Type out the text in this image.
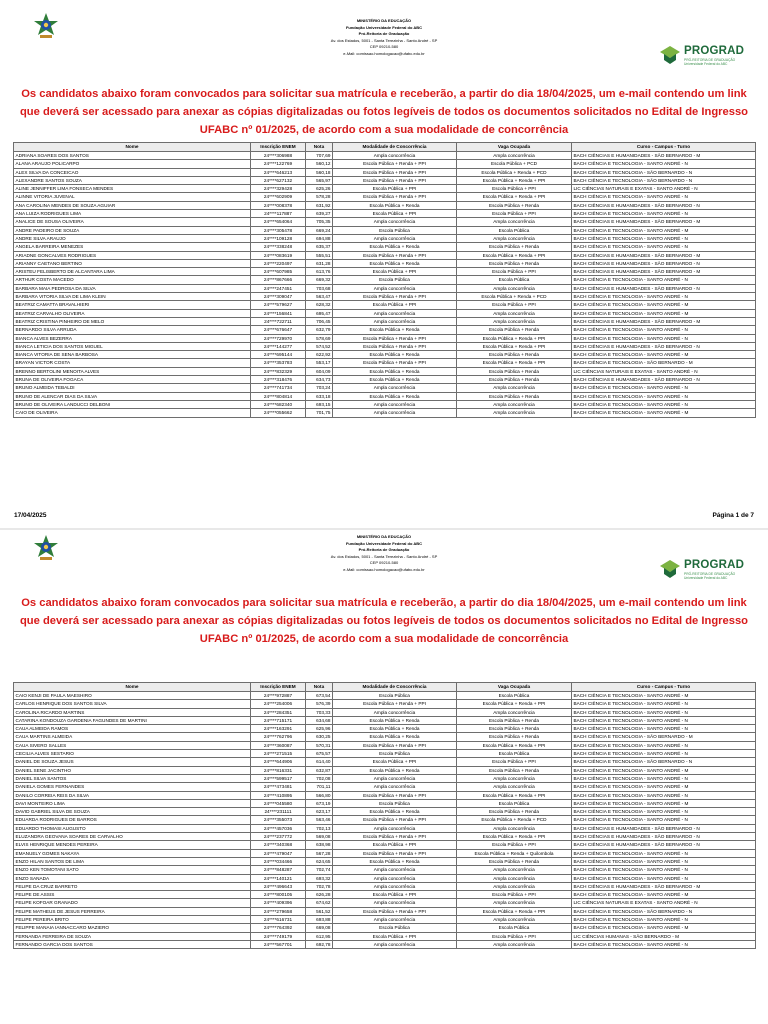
MINISTÉRIO DA EDUCAÇÃO
Fundação Universidade Federal do ABC
Pró-Reitoria de Graduação
Av. dos Estados, 5001 - Santa Terezinha - Santo André - SP
CEP 09210-580
e-Mail: comissao.homologacao@ufabc.edu.br	PROGRAD
PRÓ-REITORIA DE GRADUAÇÃO
Universidade Federal do ABC
Os candidatos abaixo foram convocados para solicitar sua matrícula e receberão, a partir do dia 18/04/2025, um e-mail contendo um link que deverá ser acessado para anexar as cópias digitalizadas ou fotos legíveis de todos os documentos solicitados no Edital de Ingresso UFABC nº 01/2025, de acordo com a sua modalidade de concorrência
Nome	Inscrição ENEM	Nota	Modalidade de Concorrência	Vaga Ocupada	Curso - Campus - Turno
ADRIANA SOARES DOS SANTOS	24****306988	707,69	Ampla concorrência	Ampla concorrência	BACH CIÊNCIAS E HUMANIDADES - SÃO BERNARDO - M
ALANA ARAUJO POLICARPO	24****122769	560,12	Escola Pública + Renda + PPI	Escola Pública + PCD	BACH CIÊNCIA E TECNOLOGIA - SANTO ANDRÉ - N
ALEX SILVA DA CONCEICAO	24****646213	560,18	Escola Pública + Renda + PPI	Escola Pública + Renda + PCD	BACH CIÊNCIA E TECNOLOGIA - SÃO BERNARDO - N
ALEXANDRE SANTOS SOUZA	24****627132	565,97	Escola Pública + Renda + PPI	Escola Pública + Renda + PPI	BACH CIÊNCIA E TECNOLOGIA - SÃO BERNARDO - N
ALINE JENNIFFER LIMA FONSECA MENDES	24****329428	625,26	Escola Pública + PPI	Escola Pública + PPI	LIC CIÊNCIAS NATURAIS E EXATAS - SANTO ANDRÉ - N
ALINNE VITORIA JUVENAL	24****602909	578,28	Escola Pública + Renda + PPI	Escola Pública + Renda + PPI	BACH CIÊNCIA E TECNOLOGIA - SANTO ANDRÉ - N
ANA CAROLINA MENDES DE SOUZA AGUIAR	24****008378	631,92	Escola Pública + Renda	Escola Pública + Renda	BACH CIÊNCIAS E HUMANIDADES - SÃO BERNARDO - N
ANA LUIZA RODRIGUES LIMA	24****117887	639,27	Escola Pública + PPI	Escola Pública + PPI	BACH CIÊNCIA E TECNOLOGIA - SANTO ANDRÉ - N
ANALICE DE SOUSA OLIVEIRA	24****654064	705,35	Ampla concorrência	Ampla concorrência	BACH CIÊNCIAS E HUMANIDADES - SÃO BERNARDO - M
ANDRE PADEIRO DE SOUZA	24****305478	669,24	Escola Pública	Escola Pública	BACH CIÊNCIA E TECNOLOGIA - SANTO ANDRÉ - M
ANDRE SILVA ARAUJO	24****109128	694,88	Ampla concorrência	Ampla concorrência	BACH CIÊNCIA E TECNOLOGIA - SANTO ANDRÉ - N
ANGELA BARREIRA MENEZES	24****338248	635,37	Escola Pública + Renda	Escola Pública + Renda	BACH CIÊNCIA E TECNOLOGIA - SANTO ANDRÉ - N
ARIADNE GONCALVES RODRIGUES	24****083619	555,51	Escola Pública + Renda + PPI	Escola Pública + Renda + PPI	BACH CIÊNCIAS E HUMANIDADES - SÃO BERNARDO - M
ARIANNY CAETANO BERTINO	24****220497	631,28	Escola Pública + Renda	Escola Pública + Renda	BACH CIÊNCIAS E HUMANIDADES - SÃO BERNARDO - N
ARISTEU FELISBERTO DE ALCANTARA LIMA	24****607985	613,76	Escola Pública + PPI	Escola Pública + PPI	BACH CIÊNCIAS E HUMANIDADES - SÃO BERNARDO - M
ARTHUR COSTA MACEDO	24****867666	669,32	Escola Pública	Escola Pública	BACH CIÊNCIA E TECNOLOGIA - SANTO ANDRÉ - N
BARBARA MAIA PEDROSA DA SILVA	24****247451	703,68	Ampla concorrência	Ampla concorrência	BACH CIÊNCIAS E HUMANIDADES - SÃO BERNARDO - N
BARBARA VITORIA SILVA DE LIMA KLEIN	24****309047	563,47	Escola Pública + Renda + PPI	Escola Pública + Renda + PCD	BACH CIÊNCIA E TECNOLOGIA - SANTO ANDRÉ - N
BEATRIZ CAMATTA BRAVALHIERI	24****579627	628,32	Escola Pública + PPI	Escola Pública + PPI	BACH CIÊNCIA E TECNOLOGIA - SANTO ANDRÉ - M
BEATRIZ CARVALHO OLIVEIRA	24****156841	695,47	Ampla concorrência	Ampla concorrência	BACH CIÊNCIA E TECNOLOGIA - SANTO ANDRÉ - M
BEATRIZ CRISTINA PINHEIRO DE MELO	24****722711	706,45	Ampla concorrência	Ampla concorrência	BACH CIÊNCIAS E HUMANIDADES - SÃO BERNARDO - M
BERNARDO SILVA ARRUDA	24****676647	632,79	Escola Pública + Renda	Escola Pública + Renda	BACH CIÊNCIA E TECNOLOGIA - SANTO ANDRÉ - N
BIANCA ALVES BEZERRA	24****729970	578,69	Escola Pública + Renda + PPI	Escola Pública + Renda + PPI	BACH CIÊNCIA E TECNOLOGIA - SANTO ANDRÉ - N
BIANCA LETICIA DOS SANTOS MIGUEL	24****144277	574,52	Escola Pública + Renda + PPI	Escola Pública + Renda + PPI	BACH CIÊNCIAS E HUMANIDADES - SÃO BERNARDO - N
BIANCA VITORIA DE SENA BARBOSA	24****695144	622,92	Escola Pública + Renda	Escola Pública + Renda	BACH CIÊNCIA E TECNOLOGIA - SANTO ANDRÉ - M
BRAYAN VICTOR COSTA	24****353783	553,17	Escola Pública + Renda + PPI	Escola Pública + Renda + PPI	BACH CIÊNCIA E TECNOLOGIA - SÃO BERNARDO - M
BRENNO BERTOLINI MENOITA ALVES	24****832329	604,09	Escola Pública + Renda	Escola Pública + Renda	LIC CIÊNCIAS NATURAIS E EXATAS - SANTO ANDRÉ - N
BRUNA DE OLIVEIRA FOGACA	24****318476	634,73	Escola Pública + Renda	Escola Pública + Renda	BACH CIÊNCIAS E HUMANIDADES - SÃO BERNARDO - N
BRUNO ALMEIDA TEBALDI	24****741734	703,24	Ampla concorrência	Ampla concorrência	BACH CIÊNCIA E TECNOLOGIA - SANTO ANDRÉ - N
BRUNO DE ALENCAR DIAS DA SILVA	24****804814	633,18	Escola Pública + Renda	Escola Pública + Renda	BACH CIÊNCIA E TECNOLOGIA - SANTO ANDRÉ - N
BRUNO DE OLIVEIRA LANDUCCI DELBONI	24****682340	693,15	Ampla concorrência	Ampla concorrência	BACH CIÊNCIA E TECNOLOGIA - SANTO ANDRÉ - N
CAIO DE OLIVEIRA	24****055662	701,75	Ampla concorrência	Ampla concorrência	BACH CIÊNCIA E TECNOLOGIA - SANTO ANDRÉ - M
17/04/2025	Página 1 de 7
MINISTÉRIO DA EDUCAÇÃO
Fundação Universidade Federal do ABC
Pró-Reitoria de Graduação
Av. dos Estados, 5001 - Santa Terezinha - Santo André - SP
CEP 09210-580
e-Mail: comissao.homologacao@ufabc.edu.br	PROGRAD
PRÓ-REITORIA DE GRADUAÇÃO
Universidade Federal do ABC
Os candidatos abaixo foram convocados para solicitar sua matrícula e receberão, a partir do dia 18/04/2025, um e-mail contendo um link que deverá ser acessado para anexar as cópias digitalizadas ou fotos legíveis de todos os documentos solicitados no Edital de Ingresso UFABC nº 01/2025, de acordo com a sua modalidade de concorrência
Nome	Inscrição ENEM	Nota	Modalidade de Concorrência	Vaga Ocupada	Curso - Campus - Turno
CAIO KENJI DE PAULA MAESHIRO	24****972887	673,54	Escola Pública	Escola Pública	BACH CIÊNCIA E TECNOLOGIA - SANTO ANDRÉ - M
CARLOS HENRIQUE DOS SANTOS SILVA	24****254006	576,39	Escola Pública + Renda + PPI	Escola Pública + Renda + PPI	BACH CIÊNCIA E TECNOLOGIA - SANTO ANDRÉ - N
CAROLINA RICARDO MARTINS	24****284351	703,33	Ampla concorrência	Ampla concorrência	BACH CIÊNCIA E TECNOLOGIA - SANTO ANDRÉ - N
CATARINA KONDOUZA GARDENIA FAGUNDES DE MARTINI	24****715171	634,68	Escola Pública + Renda	Escola Pública + Renda	BACH CIÊNCIA E TECNOLOGIA - SANTO ANDRÉ - N
CAUA ALMEIDA RAMOS	24****163291	625,96	Escola Pública + Renda	Escola Pública + Renda	BACH CIÊNCIA E TECNOLOGIA - SANTO ANDRÉ - N
CAUA MARTINS ALMEIDA	24****762796	630,25	Escola Pública + Renda	Escola Pública + Renda	BACH CIÊNCIA E TECNOLOGIA - SÃO BERNARDO - M
CAUA SIVERO SALLES	24****360087	570,31	Escola Pública + Renda + PPI	Escola Pública + Renda + PPI	BACH CIÊNCIA E TECNOLOGIA - SANTO ANDRÉ - N
CECILIA ALVES SESTARIO	24****271515	675,57	Escola Pública	Escola Pública	BACH CIÊNCIA E TECNOLOGIA - SANTO ANDRÉ - N
DANIEL DE SOUZA JESUS	24****644906	614,40	Escola Pública + PPI	Escola Pública + PPI	BACH CIÊNCIA E TECNOLOGIA - SÃO BERNARDO - N
DANIEL SENE JACINTHO	24****816331	632,87	Escola Pública + Renda	Escola Pública + Renda	BACH CIÊNCIA E TECNOLOGIA - SANTO ANDRÉ - M
DANIEL SILVA SANTOS	24****599517	702,08	Ampla concorrência	Ampla concorrência	BACH CIÊNCIA E TECNOLOGIA - SANTO ANDRÉ - N
DANIELA GOMES FERNANDES	24****473481	701,11	Ampla concorrência	Ampla concorrência	BACH CIÊNCIA E TECNOLOGIA - SANTO ANDRÉ - M
DANILO CORREIA REIS DA SILVA	24****410895	566,80	Escola Pública + Renda + PPI	Escola Pública + Renda + PPI	BACH CIÊNCIA E TECNOLOGIA - SANTO ANDRÉ - N
DAVI MONTEIRO LIMA	24****045580	673,19	Escola Pública	Escola Pública	BACH CIÊNCIA E TECNOLOGIA - SANTO ANDRÉ - M
DAVID GABRIEL SILVA DE SOUZA	24****231111	623,17	Escola Pública + Renda	Escola Pública + Renda	BACH CIÊNCIA E TECNOLOGIA - SANTO ANDRÉ - N
EDUARDA RODRIGUES DE BARROS	24****355073	563,46	Escola Pública + Renda + PPI	Escola Pública + Renda + PCD	BACH CIÊNCIA E TECNOLOGIA - SANTO ANDRÉ - N
EDUARDO THOMASI AUGUSTO	24****457036	702,13	Ampla concorrência	Ampla concorrência	BACH CIÊNCIAS E HUMANIDADES - SÃO BERNARDO - N
ELUZANDRA GEOVANA SOARES DE CARVALHO	24****237772	569,08	Escola Pública + Renda + PPI	Escola Pública + Renda + PPI	BACH CIÊNCIAS E HUMANIDADES - SÃO BERNARDO - N
ELVIS HENRIQUE MENDES PEREIRA	24****340368	638,98	Escola Pública + PPI	Escola Pública + PPI	BACH CIÊNCIAS E HUMANIDADES - SÃO BERNARDO - N
EMANUELY GOMES NAKAYA	24****479047	567,28	Escola Pública + Renda + PPI	Escola Pública + Renda + Quilombola	BACH CIÊNCIA E TECNOLOGIA - SANTO ANDRÉ - N
ENZO HILAN SANTOS DE LIMA	24****034466	624,65	Escola Pública + Renda	Escola Pública + Renda	BACH CIÊNCIA E TECNOLOGIA - SANTO ANDRÉ - N
ENZO KEN TOMOTANI SATO	24****848287	702,74	Ampla concorrência	Ampla concorrência	BACH CIÊNCIA E TECNOLOGIA - SANTO ANDRÉ - N
ENZO SANADA	24****140121	693,32	Ampla concorrência	Ampla concorrência	BACH CIÊNCIA E TECNOLOGIA - SANTO ANDRÉ - N
FELIPE DA CRUZ BARRETO	24****496643	702,78	Ampla concorrência	Ampla concorrência	BACH CIÊNCIAS E HUMANIDADES - SÃO BERNARDO - M
FELIPE DE ASSIS	24****800105	626,28	Escola Pública + PPI	Escola Pública + PPI	BACH CIÊNCIA E TECNOLOGIA - SANTO ANDRÉ - M
FELIPE KOFOAR GRANADO	24****409396	674,62	Ampla concorrência	Ampla concorrência	LIC CIÊNCIAS NATURAIS E EXATAS - SANTO ANDRÉ - N
FELIPE MATHEUS DE JESUS FERREIRA	24****279658	561,52	Escola Pública + Renda + PPI	Escola Pública + Renda + PPI	BACH CIÊNCIA E TECNOLOGIA - SÃO BERNARDO - N
FELIPE PEREIRA BRITO	24****616731	693,88	Ampla concorrência	Ampla concorrência	BACH CIÊNCIA E TECNOLOGIA - SANTO ANDRÉ - N
FELIPPE MANAIA IANNACCARO MAZIERO	24****764392	669,08	Escola Pública	Escola Pública	BACH CIÊNCIA E TECNOLOGIA - SANTO ANDRÉ - M
FERNANDA FERREIRA DE SOUZA	24****749179	612,95	Escola Pública + PPI	Escola Pública + PPI	LIC CIÊNCIAS HUMANAS - SÃO BERNARDO - M
FERNANDO GARCIA DOS SANTOS	24****567701	692,78	Ampla concorrência	Ampla concorrência	BACH CIÊNCIA E TECNOLOGIA - SANTO ANDRÉ - N
